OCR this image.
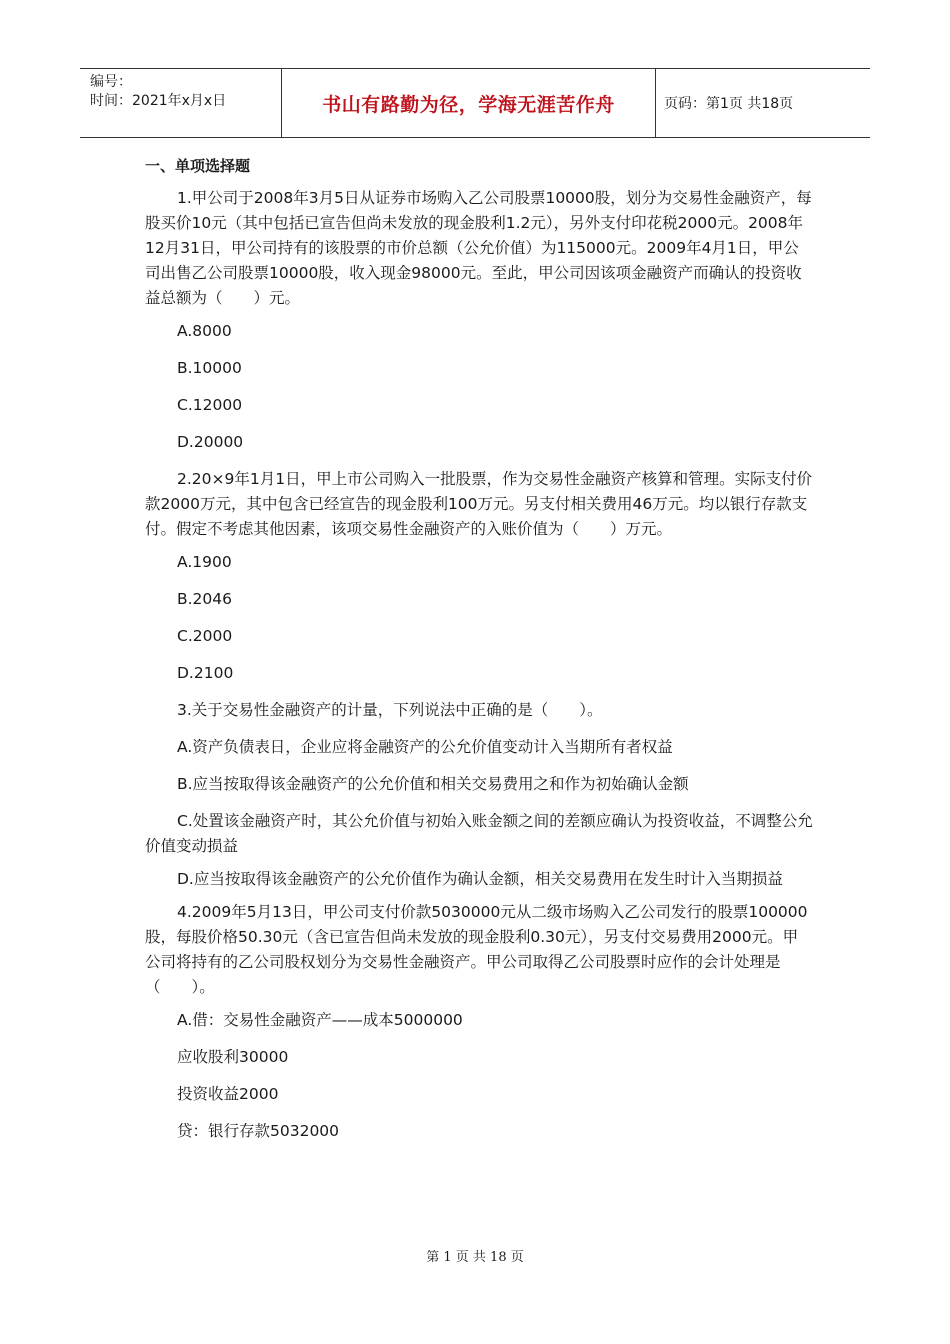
编号：
时间：2021年x月x日	书山有路勤为径，学海无涯苦作舟	页码：第1页 共18页
一、单项选择题

1.甲公司于2008年3月5日从证券市场购入乙公司股票10000股，划分为交易性金融资产，每股买价10元（其中包括已宣告但尚未发放的现金股利1.2元），另外支付印花税2000元。2008年12月31日，甲公司持有的该股票的市价总额（公允价值）为115000元。2009年4月1日，甲公司出售乙公司股票10000股，收入现金98000元。至此，甲公司因该项金融资产而确认的投资收益总额为（　　）元。

A.8000

B.10000

C.12000

D.20000

2.20×9年1月1日，甲上市公司购入一批股票，作为交易性金融资产核算和管理。实际支付价款2000万元，其中包含已经宣告的现金股利100万元。另支付相关费用46万元。均以银行存款支付。假定不考虑其他因素，该项交易性金融资产的入账价值为（　　）万元。

A.1900

B.2046

C.2000

D.2100

3.关于交易性金融资产的计量，下列说法中正确的是（　　）。

A.资产负债表日，企业应将金融资产的公允价值变动计入当期所有者权益

B.应当按取得该金融资产的公允价值和相关交易费用之和作为初始确认金额

C.处置该金融资产时，其公允价值与初始入账金额之间的差额应确认为投资收益，不调整公允价值变动损益

D.应当按取得该金融资产的公允价值作为确认金额，相关交易费用在发生时计入当期损益

4.2009年5月13日，甲公司支付价款5030000元从二级市场购入乙公司发行的股票100000股，每股价格50.30元（含已宣告但尚未发放的现金股利0.30元），另支付交易费用2000元。甲公司将持有的乙公司股权划分为交易性金融资产。甲公司取得乙公司股票时应作的会计处理是（　　）。

A.借：交易性金融资产——成本5000000

应收股利30000

投资收益2000

贷：银行存款5032000

第 1 页 共 18 页
